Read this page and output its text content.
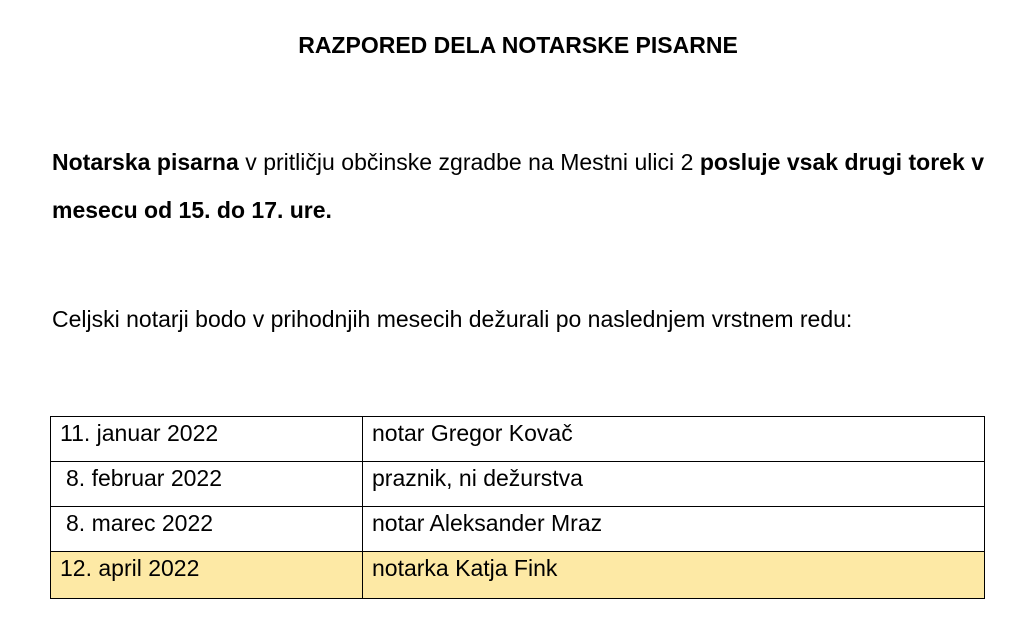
RAZPORED DELA NOTARSKE PISARNE
Notarska pisarna v pritličju občinske zgradbe na Mestni ulici 2 posluje vsak drugi torek v mesecu od 15. do 17. ure.
Celjski notarji bodo v prihodnjih mesecih dežurali po naslednjem vrstnem redu:
11. januar 2022	notar Gregor Kovač
8. februar 2022	praznik, ni dežurstva
8. marec 2022	notar Aleksander Mraz
12. april 2022	notarka Katja Fink
